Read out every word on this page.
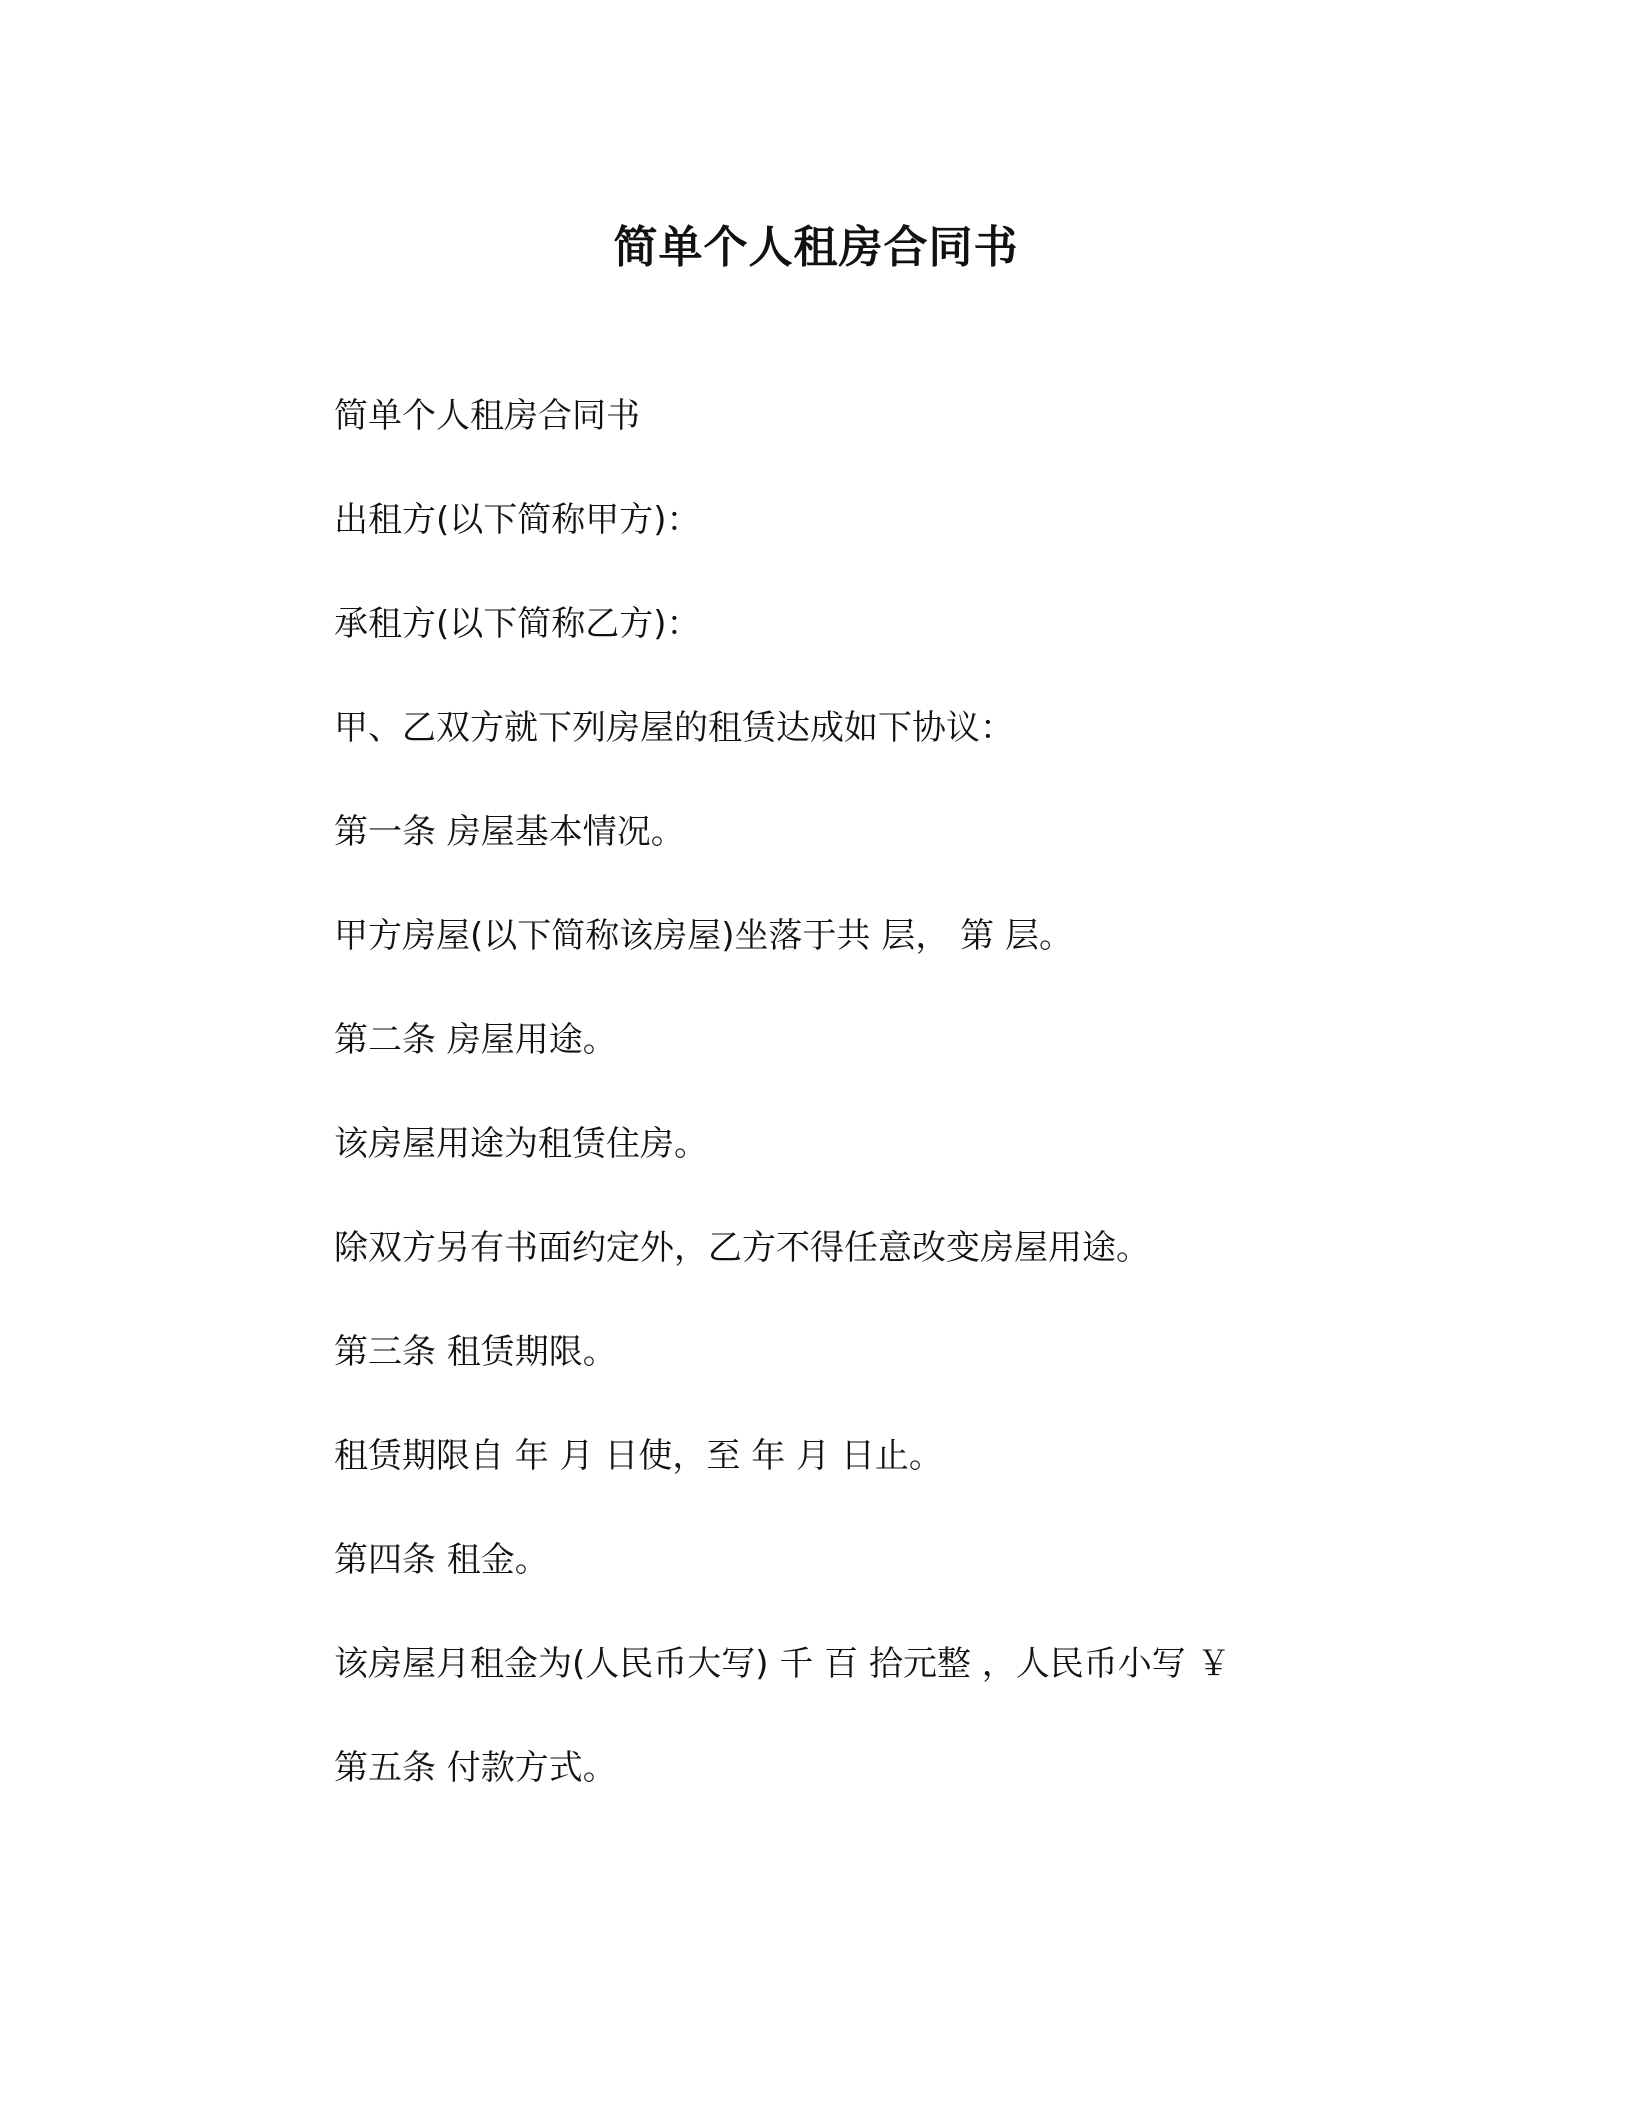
简单个人租房合同书

简单个人租房合同书

出租方(以下简称甲方)：

承租方(以下简称乙方)：

甲、乙双方就下列房屋的租赁达成如下协议：

第一条 房屋基本情况。

甲方房屋(以下简称该房屋)坐落于共 层， 第 层。

第二条 房屋用途。

该房屋用途为租赁住房。

除双方另有书面约定外，乙方不得任意改变房屋用途。

第三条 租赁期限。

租赁期限自 年 月 日使，至 年 月 日止。

第四条 租金。

该房屋月租金为(人民币大写) 千 百 拾元整 ，人民币小写 ￥

第五条 付款方式。
